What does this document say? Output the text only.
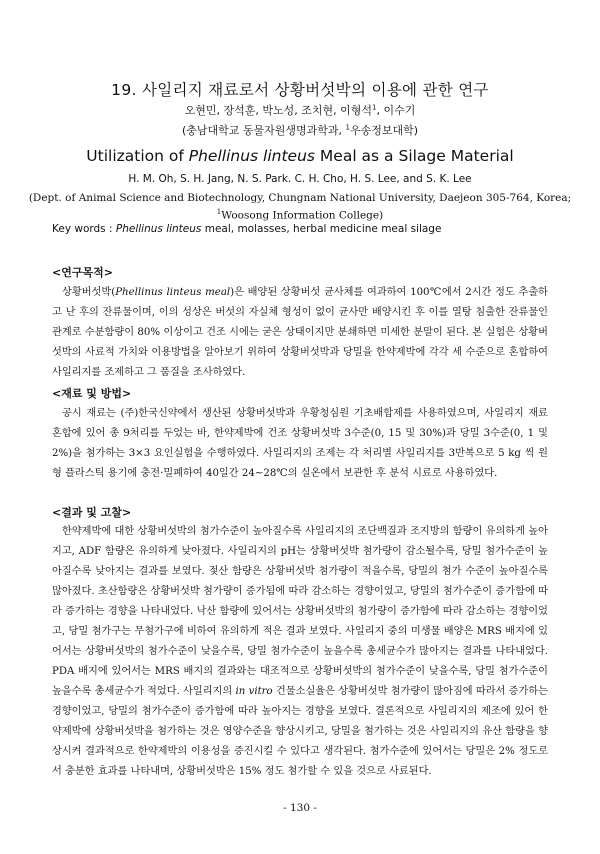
19. 사일리지 재료로서 상황버섯박의 이용에 관한 연구
오현민, 장석훈, 박노성, 조치현, 이형석$^1$, 이수기
(충남대학교 동물자원생명과학과, $^1$우송정보대학)
Utilization of Phellinus linteus Meal as a Silage Material
H. M. Oh, S. H. Jang, N. S. Park. C. H. Cho, H. S. Lee, and S. K. Lee
(Dept. of Animal Science and Biotechnology, Chungnam National University, Daejeon 305-764, Korea;
$^1$Woosong Information College)
Key words : Phellinus linteus meal, molasses, herbal medicine meal silage
<연구목적>
상황버섯박(Phellinus linteus meal)은 배양된 상황버섯 균사체를 여과하여 100℃에서 2시간 정도 추출하고 난 후의 잔류물이며, 이의 성상은 버섯의 자실체 형성이 없이 균사만 배양시킨 후 이를 열탕 침출한 잔류물인 관계로 수분함량이 80% 이상이고 건조 시에는 굳은 상태이지만 분쇄하면 미세한 분말이 된다. 본 실험은 상황버섯박의 사료적 가치와 이용방법을 알아보기 위하여 상황버섯박과 당밀을 한약제박에 각각 세 수준으로 혼합하여 사일리지를 조제하고 그 품질을 조사하였다.
<재료 및 방법>
공시 재료는 (주)한국신약에서 생산된 상황버섯박과 우황청심원 기초배합제를 사용하였으며, 사일리지 재료 혼합에 있어 총 9처리를 두었는 바, 한약제박에 건조 상황버섯박 3수준(0, 15 및 30%)과 당밀 3수준(0, 1 및 2%)을 첨가하는 3×3 요인실험을 수행하였다. 사일리지의 조제는 각 처리별 사일리지를 3반복으로 5 kg 씩 원형 플라스틱 용기에 충전·밀폐하여 40일간 24~28℃의 실온에서 보관한 후 분석 시료로 사용하였다.
<결과 및 고찰>
한약제박에 대한 상황버섯박의 첨가수준이 높아질수록 사일리지의 조단백질과 조지방의 함량이 유의하게 높아지고, ADF 함량은 유의하게 낮아졌다. 사일리지의 pH는 상황버섯박 첨가량이 감소될수록, 당밀 첨가수준이 높아질수록 낮아지는 결과를 보였다. 젖산 함량은 상황버섯박 첨가량이 적을수록, 당밀의 첨가 수준이 높아질수록 많아졌다. 초산함량은 상황버섯박 첨가량이 증가됨에 따라 감소하는 경향이었고, 당밀의 첨가수준이 증가함에 따라 증가하는 경향을 나타내었다. 낙산 함량에 있어서는 상황버섯박의 첨가량이 증가함에 따라 감소하는 경향이었고, 당밀 첨가구는 무첨가구에 비하여 유의하게 적은 결과 보였다. 사일리지 중의 미생물 배양은 MRS 배지에 있어서는 상황버섯박의 첨가수준이 낮을수록, 당밀 첨가수준이 높을수록 총세균수가 많아지는 결과를 나타내었다. PDA 배지에 있어서는 MRS 배지의 결과와는 대조적으로 상황버섯박의 첨가수준이 낮을수록, 당밀 첨가수준이 높을수록 총세균수가 적었다. 사일리지의 in vitro 건물소실율은 상황버섯박 첨가량이 많아짐에 따라서 증가하는 경향이었고, 당밀의 첨가수준이 증가함에 따라 높아지는 경향을 보였다. 결론적으로 사일리지의 제조에 있어 한약제박에 상황버섯박을 첨가하는 것은 영양수준을 향상시키고, 당밀을 첨가하는 것은 사일리지의 유산 함량을 향상시켜 결과적으로 한약제박의 이용성을 증진시킬 수 있다고 생각된다. 첨가수준에 있어서는 당밀은 2% 정도로서 충분한 효과를 나타내며, 상황버섯박은 15% 정도 첨가할 수 있을 것으로 사료된다.
- 130 -
